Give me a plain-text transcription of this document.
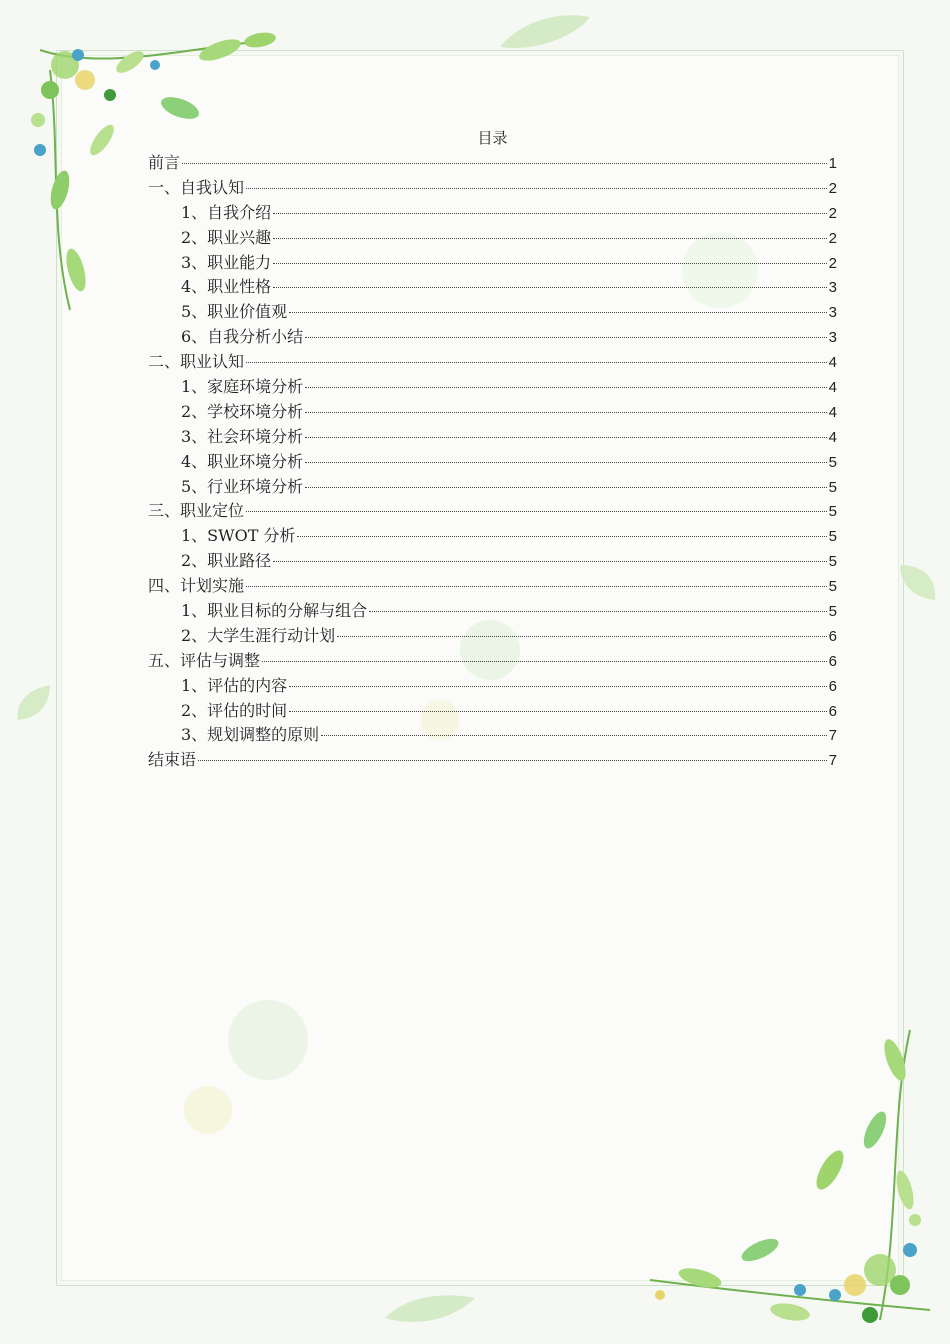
目录
前言	1
一、自我认知	2
1、自我介绍	2
2、职业兴趣	2
3、职业能力	2
4、职业性格	3
5、职业价值观	3
6、自我分析小结	3
二、职业认知	4
1、家庭环境分析	4
2、学校环境分析	4
3、社会环境分析	4
4、职业环境分析	5
5、行业环境分析	5
三、职业定位	5
1、SWOT 分析	5
2、职业路径	5
四、计划实施	5
1、职业目标的分解与组合	5
2、大学生涯行动计划	6
五、评估与调整	6
1、评估的内容	6
2、评估的时间	6
3、规划调整的原则	7
结束语	7
